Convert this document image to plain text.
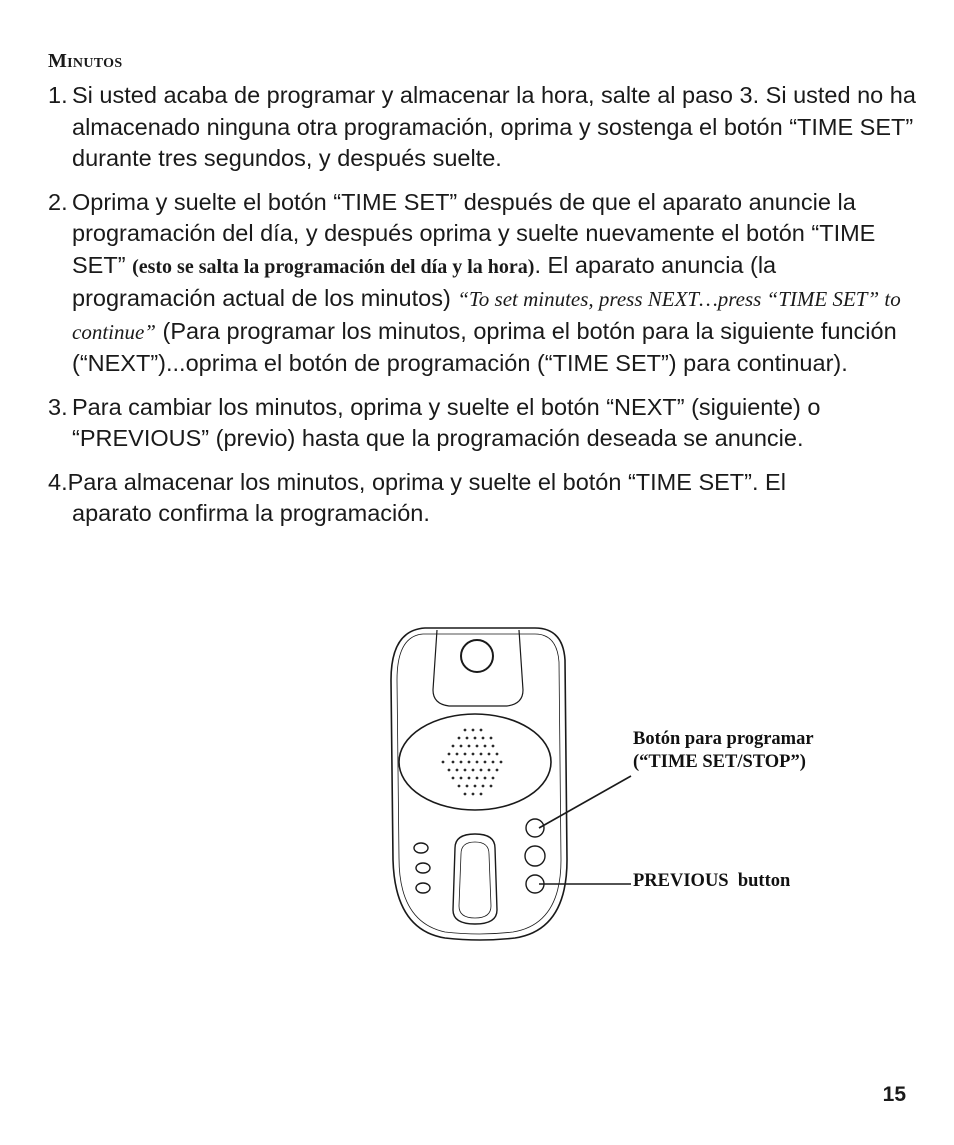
Minutos
1. Si usted acaba de programar y almacenar la hora, salte al paso 3. Si usted no ha almacenado ninguna otra programación, oprima y sostenga el botón “TIME SET” durante tres segundos, y después suelte.
2. Oprima y suelte el botón “TIME SET” después de que el aparato anuncie la programación del día, y después oprima y suelte nuevamente el botón “TIME SET” (esto se salta la programación del día y la hora). El aparato anuncia (la programación actual de los minutos) “To set minutes, press NEXT…press “TIME SET” to continue” (Para programar los minutos, oprima el botón para la siguiente función (“NEXT”)...oprima el botón de programación (“TIME SET”) para continuar).
3. Para cambiar los minutos, oprima y suelte el botón “NEXT” (siguiente) o “PREVIOUS” (previo) hasta que la programación deseada se anuncie.
4.Para almacenar los minutos, oprima y suelte el botón “TIME SET”. El
aparato confirma la programación.
Botón para programar (“TIME SET/STOP”)
PREVIOUS  button
15
